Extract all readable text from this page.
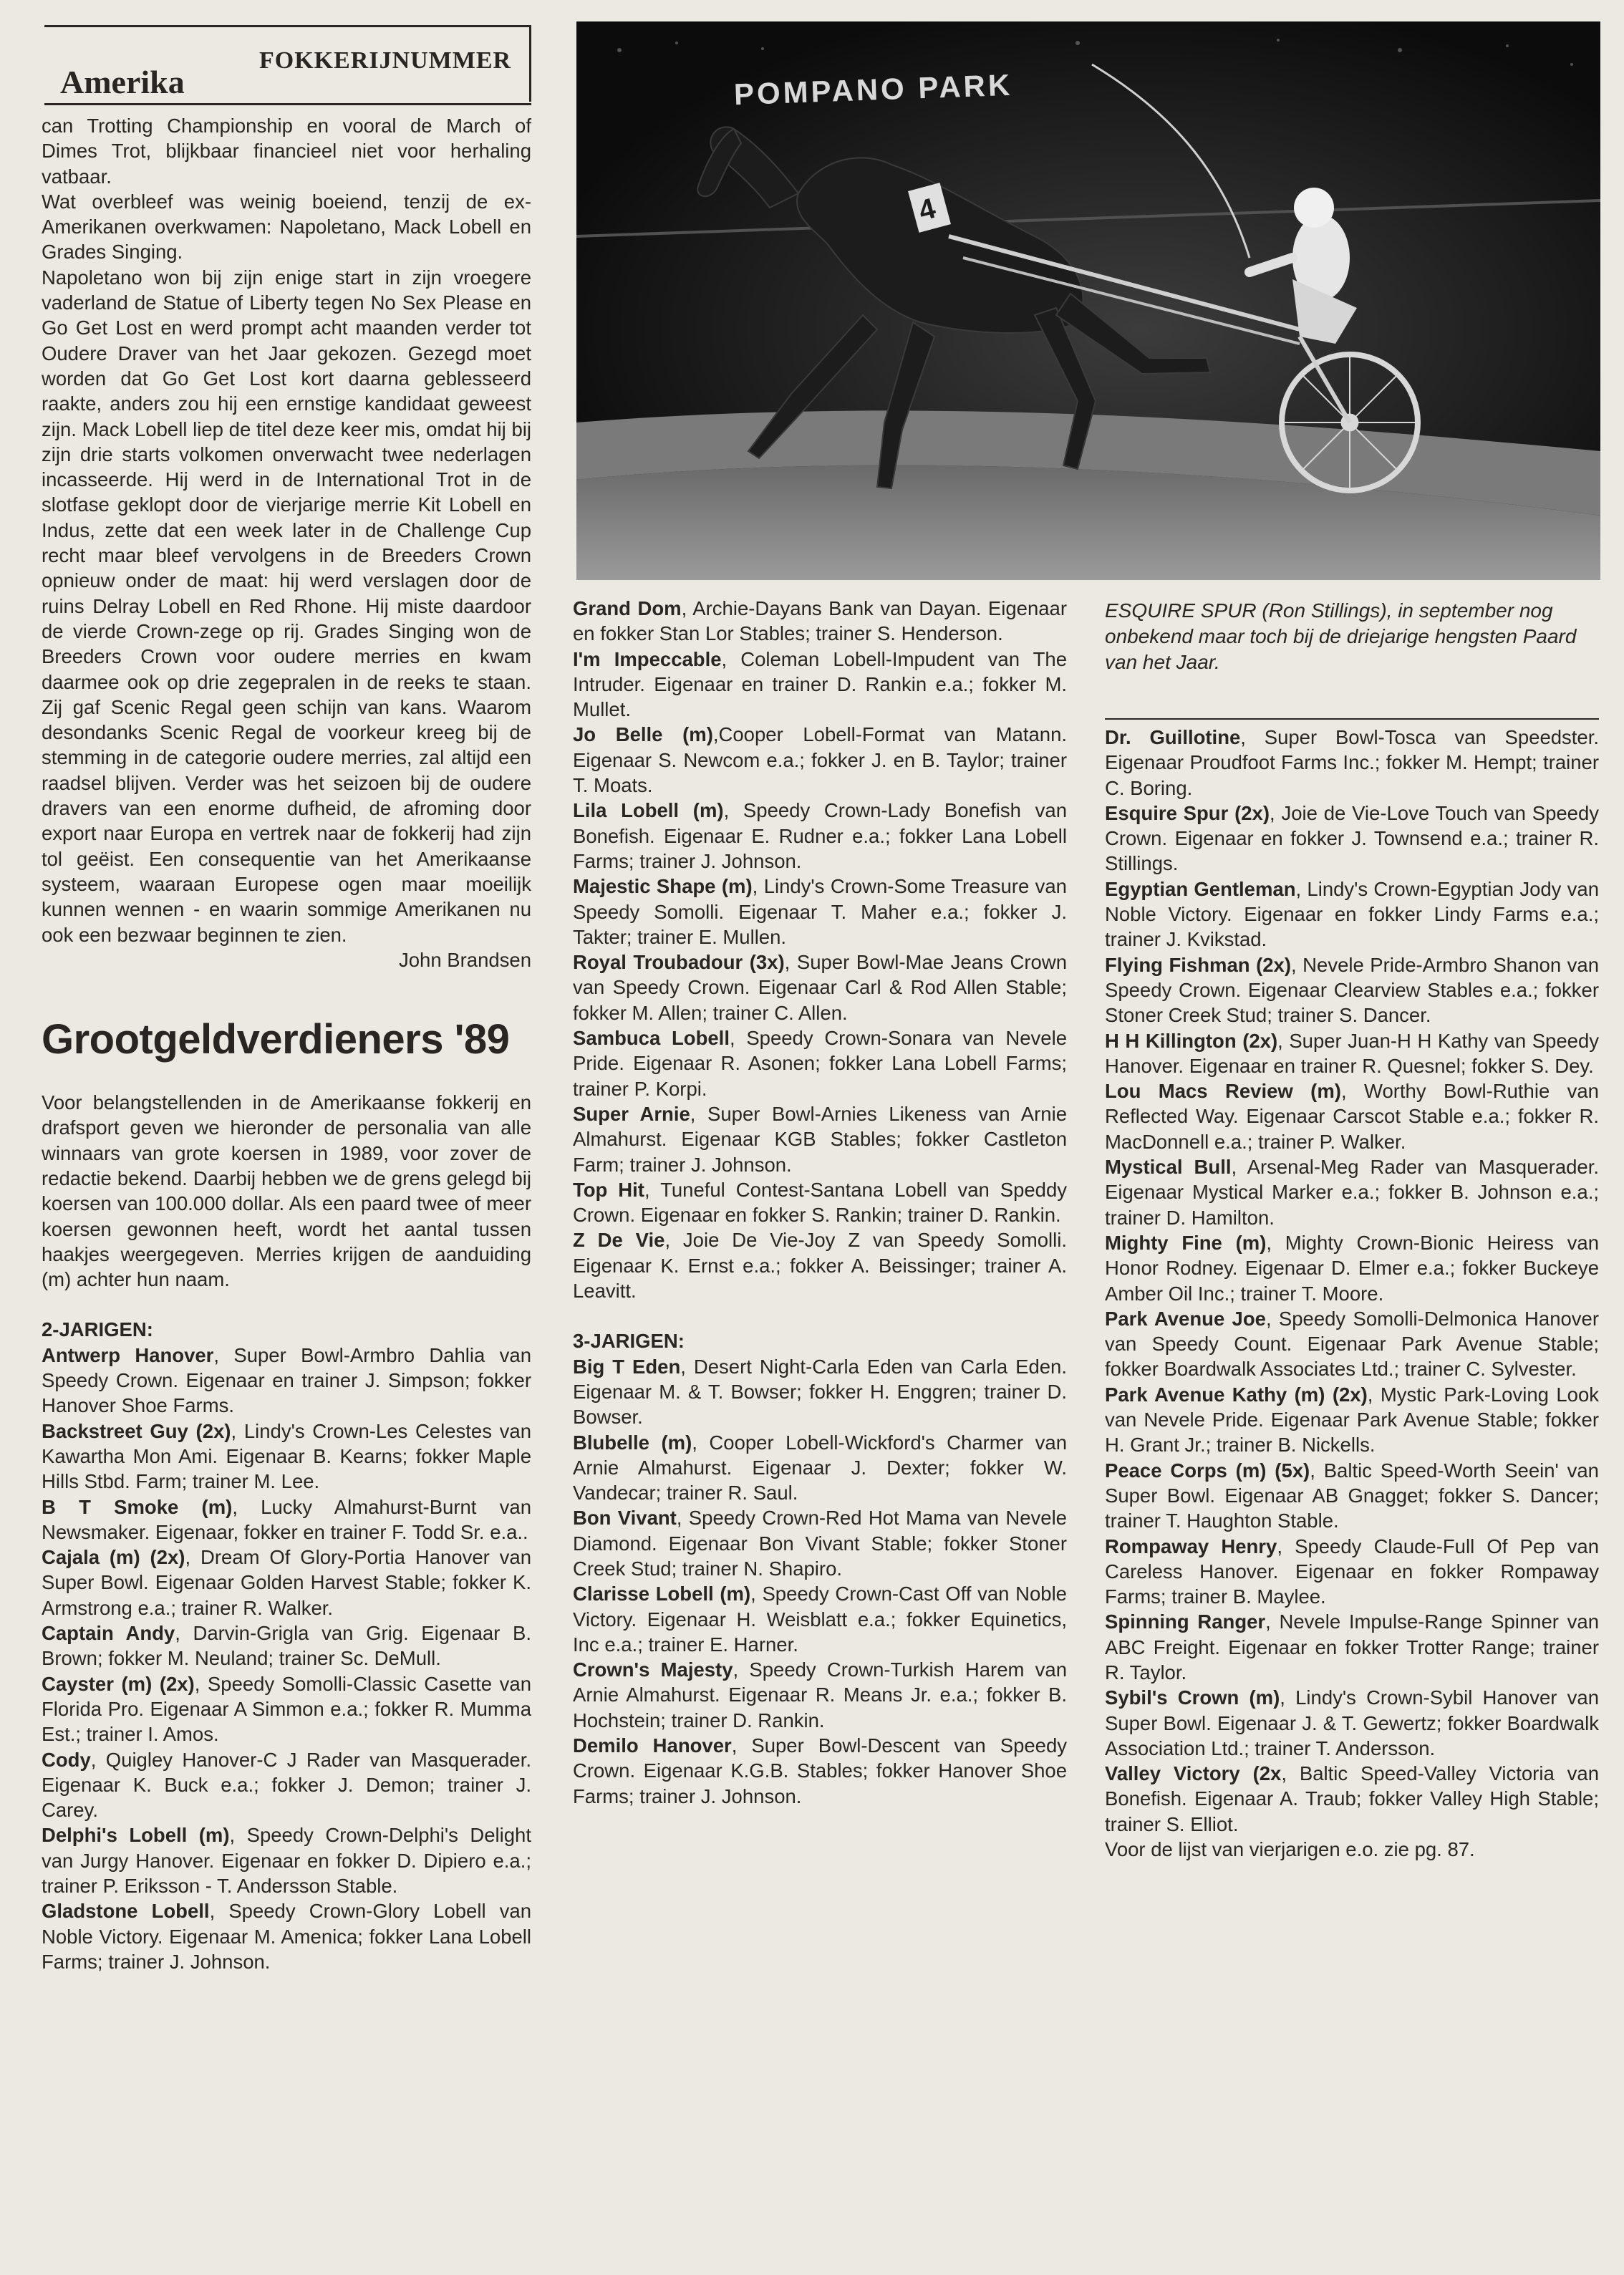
FOKKERIJNUMMER
Amerika	POMPANO PARK
4
ESQUIRE SPUR (Ron Stillings), in september nog onbekend maar toch bij de driejarige hengsten Paard van het Jaar.

can Trotting Championship en vooral de March of Dimes Trot, blijkbaar financieel niet voor herhaling vatbaar.

Wat overbleef was weinig boeiend, tenzij de ex-Amerikanen overkwamen: Napoletano, Mack Lobell en Grades Singing.

Napoletano won bij zijn enige start in zijn vroegere vaderland de Statue of Liberty tegen No Sex Please en Go Get Lost en werd prompt acht maanden verder tot Oudere Draver van het Jaar gekozen. Gezegd moet worden dat Go Get Lost kort daarna geblesseerd raakte, anders zou hij een ernstige kandidaat geweest zijn. Mack Lobell liep de titel deze keer mis, omdat hij bij zijn drie starts volkomen onverwacht twee nederlagen incasseerde. Hij werd in de International Trot in de slotfase geklopt door de vierjarige merrie Kit Lobell en Indus, zette dat een week later in de Challenge Cup recht maar bleef vervolgens in de Breeders Crown opnieuw onder de maat: hij werd verslagen door de ruins Delray Lobell en Red Rhone. Hij miste daardoor de vierde Crown-zege op rij. Grades Singing won de Breeders Crown voor oudere merries en kwam daarmee ook op drie zegepralen in de reeks te staan. Zij gaf Scenic Regal geen schijn van kans. Waarom desondanks Scenic Regal de voorkeur kreeg bij de stemming in de categorie oudere merries, zal altijd een raadsel blijven. Verder was het seizoen bij de oudere dravers van een enorme dufheid, de afroming door export naar Europa en vertrek naar de fokkerij had zijn tol geëist. Een consequentie van het Amerikaanse systeem, waaraan Europese ogen maar moeilijk kunnen wennen - en waarin sommige Amerikanen nu ook een bezwaar beginnen te zien.

John Brandsen

Grootgeldverdieners '89

Voor belangstellenden in de Amerikaanse fokkerij en drafsport geven we hieronder de personalia van alle winnaars van grote koersen in 1989, voor zover de redactie bekend. Daarbij hebben we de grens gelegd bij koersen van 100.000 dollar. Als een paard twee of meer koersen gewonnen heeft, wordt het aantal tussen haakjes weergegeven. Merries krijgen de aanduiding (m) achter hun naam.

2-JARIGEN:

Antwerp Hanover, Super Bowl-Armbro Dahlia van Speedy Crown. Eigenaar en trainer J. Simpson; fokker Hanover Shoe Farms.

Backstreet Guy (2x), Lindy's Crown-Les Celestes van Kawartha Mon Ami. Eigenaar B. Kearns; fokker Maple Hills Stbd. Farm; trainer M. Lee.

B T Smoke (m), Lucky Almahurst-Burnt van Newsmaker. Eigenaar, fokker en trainer F. Todd Sr. e.a..

Cajala (m) (2x), Dream Of Glory-Portia Hanover van Super Bowl. Eigenaar Golden Harvest Stable; fokker K. Armstrong e.a.; trainer R. Walker.

Captain Andy, Darvin-Grigla van Grig. Eigenaar B. Brown; fokker M. Neuland; trainer Sc. DeMull.

Cayster (m) (2x), Speedy Somolli-Classic Casette van Florida Pro. Eigenaar A Simmon e.a.; fokker R. Mumma Est.; trainer I. Amos.

Cody, Quigley Hanover-C J Rader van Masquerader. Eigenaar K. Buck e.a.; fokker J. Demon; trainer J. Carey.

Delphi's Lobell (m), Speedy Crown-Delphi's Delight van Jurgy Hanover. Eigenaar en fokker D. Dipiero e.a.; trainer P. Eriksson - T. Andersson Stable.

Gladstone Lobell, Speedy Crown-Glory Lobell van Noble Victory. Eigenaar M. Amenica; fokker Lana Lobell Farms; trainer J. Johnson.

Grand Dom, Archie-Dayans Bank van Dayan. Eigenaar en fokker Stan Lor Stables; trainer S. Henderson.

I'm Impeccable, Coleman Lobell-Impudent van The Intruder. Eigenaar en trainer D. Rankin e.a.; fokker M. Mullet.

Jo Belle (m),Cooper Lobell-Format van Matann. Eigenaar S. Newcom e.a.; fokker J. en B. Taylor; trainer T. Moats.

Lila Lobell (m), Speedy Crown-Lady Bonefish van Bonefish. Eigenaar E. Rudner e.a.; fokker Lana Lobell Farms; trainer J. Johnson.

Majestic Shape (m), Lindy's Crown-Some Treasure van Speedy Somolli. Eigenaar T. Maher e.a.; fokker J. Takter; trainer E. Mullen.

Royal Troubadour (3x), Super Bowl-Mae Jeans Crown van Speedy Crown. Eigenaar Carl & Rod Allen Stable; fokker M. Allen; trainer C. Allen.

Sambuca Lobell, Speedy Crown-Sonara van Nevele Pride. Eigenaar R. Asonen; fokker Lana Lobell Farms; trainer P. Korpi.

Super Arnie, Super Bowl-Arnies Likeness van Arnie Almahurst. Eigenaar KGB Stables; fokker Castleton Farm; trainer J. Johnson.

Top Hit, Tuneful Contest-Santana Lobell van Speddy Crown. Eigenaar en fokker S. Rankin; trainer D. Rankin.

Z De Vie, Joie De Vie-Joy Z van Speedy Somolli. Eigenaar K. Ernst e.a.; fokker A. Beissinger; trainer A. Leavitt.

3-JARIGEN:

Big T Eden, Desert Night-Carla Eden van Carla Eden. Eigenaar M. & T. Bowser; fokker H. Enggren; trainer D. Bowser.

Blubelle (m), Cooper Lobell-Wickford's Charmer van Arnie Almahurst. Eigenaar J. Dexter; fokker W. Vandecar; trainer R. Saul.

Bon Vivant, Speedy Crown-Red Hot Mama van Nevele Diamond. Eigenaar Bon Vivant Stable; fokker Stoner Creek Stud; trainer N. Shapiro.

Clarisse Lobell (m), Speedy Crown-Cast Off van Noble Victory. Eigenaar H. Weisblatt e.a.; fokker Equinetics, Inc e.a.; trainer E. Harner.

Crown's Majesty, Speedy Crown-Turkish Harem van Arnie Almahurst. Eigenaar R. Means Jr. e.a.; fokker B. Hochstein; trainer D. Rankin.

Demilo Hanover, Super Bowl-Descent van Speedy Crown. Eigenaar K.G.B. Stables; fokker Hanover Shoe Farms; trainer J. Johnson.

Dr. Guillotine, Super Bowl-Tosca van Speedster. Eigenaar Proudfoot Farms Inc.; fokker M. Hempt; trainer C. Boring.

Esquire Spur (2x), Joie de Vie-Love Touch van Speedy Crown. Eigenaar en fokker J. Townsend e.a.; trainer R. Stillings.

Egyptian Gentleman, Lindy's Crown-Egyptian Jody van Noble Victory. Eigenaar en fokker Lindy Farms e.a.; trainer J. Kvikstad.

Flying Fishman (2x), Nevele Pride-Armbro Shanon van Speedy Crown. Eigenaar Clearview Stables e.a.; fokker Stoner Creek Stud; trainer S. Dancer.

H H Killington (2x), Super Juan-H H Kathy van Speedy Hanover. Eigenaar en trainer R. Quesnel; fokker S. Dey.

Lou Macs Review (m), Worthy Bowl-Ruthie van Reflected Way. Eigenaar Carscot Stable e.a.; fokker R. MacDonnell e.a.; trainer P. Walker.

Mystical Bull, Arsenal-Meg Rader van Masquerader. Eigenaar Mystical Marker e.a.; fokker B. Johnson e.a.; trainer D. Hamilton.

Mighty Fine (m), Mighty Crown-Bionic Heiress van Honor Rodney. Eigenaar D. Elmer e.a.; fokker Buckeye Amber Oil Inc.; trainer T. Moore.

Park Avenue Joe, Speedy Somolli-Delmonica Hanover van Speedy Count. Eigenaar Park Avenue Stable; fokker Boardwalk Associates Ltd.; trainer C. Sylvester.

Park Avenue Kathy (m) (2x), Mystic Park-Loving Look van Nevele Pride. Eigenaar Park Avenue Stable; fokker H. Grant Jr.; trainer B. Nickells.

Peace Corps (m) (5x), Baltic Speed-Worth Seein' van Super Bowl. Eigenaar AB Gnagget; fokker S. Dancer; trainer T. Haughton Stable.

Rompaway Henry, Speedy Claude-Full Of Pep van Careless Hanover. Eigenaar en fokker Rompaway Farms; trainer B. Maylee.

Spinning Ranger, Nevele Impulse-Range Spinner van ABC Freight. Eigenaar en fokker Trotter Range; trainer R. Taylor.

Sybil's Crown (m), Lindy's Crown-Sybil Hanover van Super Bowl. Eigenaar J. & T. Gewertz; fokker Boardwalk Association Ltd.; trainer T. Andersson.

Valley Victory (2x, Baltic Speed-Valley Victoria van Bonefish. Eigenaar A. Traub; fokker Valley High Stable; trainer S. Elliot.

Voor de lijst van vierjarigen e.o. zie pg. 87.
